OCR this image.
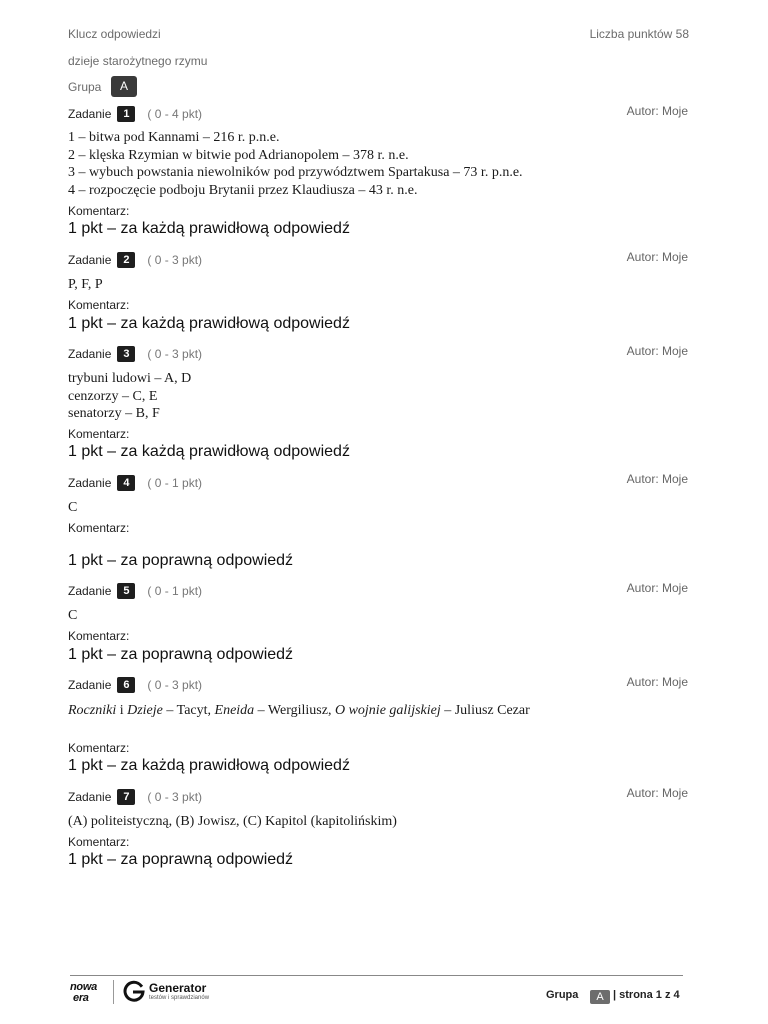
Klucz odpowiedzi	Liczba punktów 58
dzieje starożytnego rzymu
Grupa	A
Zadanie	1	( 0 - 4 pkt)	Autor: Moje
1 – bitwa pod Kannami – 216 r. p.n.e.
2 – klęska Rzymian w bitwie pod Adrianopolem – 378 r. n.e.
3 – wybuch powstania niewolników pod przywództwem Spartakusa – 73 r. p.n.e.
4 – rozpoczęcie podboju Brytanii przez Klaudiusza – 43 r. n.e.
Komentarz:
1 pkt – za każdą prawidłową odpowiedź
Zadanie	2	( 0 - 3 pkt)	Autor: Moje
P, F, P
Komentarz:
1 pkt – za każdą prawidłową odpowiedź
Zadanie	3	( 0 - 3 pkt)	Autor: Moje
trybuni ludowi – A, D
cenzorzy – C, E
senatorzy – B, F
Komentarz:
1 pkt – za każdą prawidłową odpowiedź
Zadanie	4	( 0 - 1 pkt)	Autor: Moje
C
Komentarz:
1 pkt – za poprawną odpowiedź
Zadanie	5	( 0 - 1 pkt)	Autor: Moje
C
Komentarz:
1 pkt – za poprawną odpowiedź
Zadanie	6	( 0 - 3 pkt)	Autor: Moje
Roczniki i Dzieje – Tacyt, Eneida – Wergiliusz, O wojnie galijskiej – Juliusz Cezar
Komentarz:
1 pkt – za każdą prawidłową odpowiedź
Zadanie	7	( 0 - 3 pkt)	Autor: Moje
(A) politeistyczną, (B) Jowisz, (C) Kapitol (kapitolińskim)
Komentarz:
1 pkt – za poprawną odpowiedź
nowa
era
Generator
testów i sprawdzianów	Grupa	A | strona 1 z 4
